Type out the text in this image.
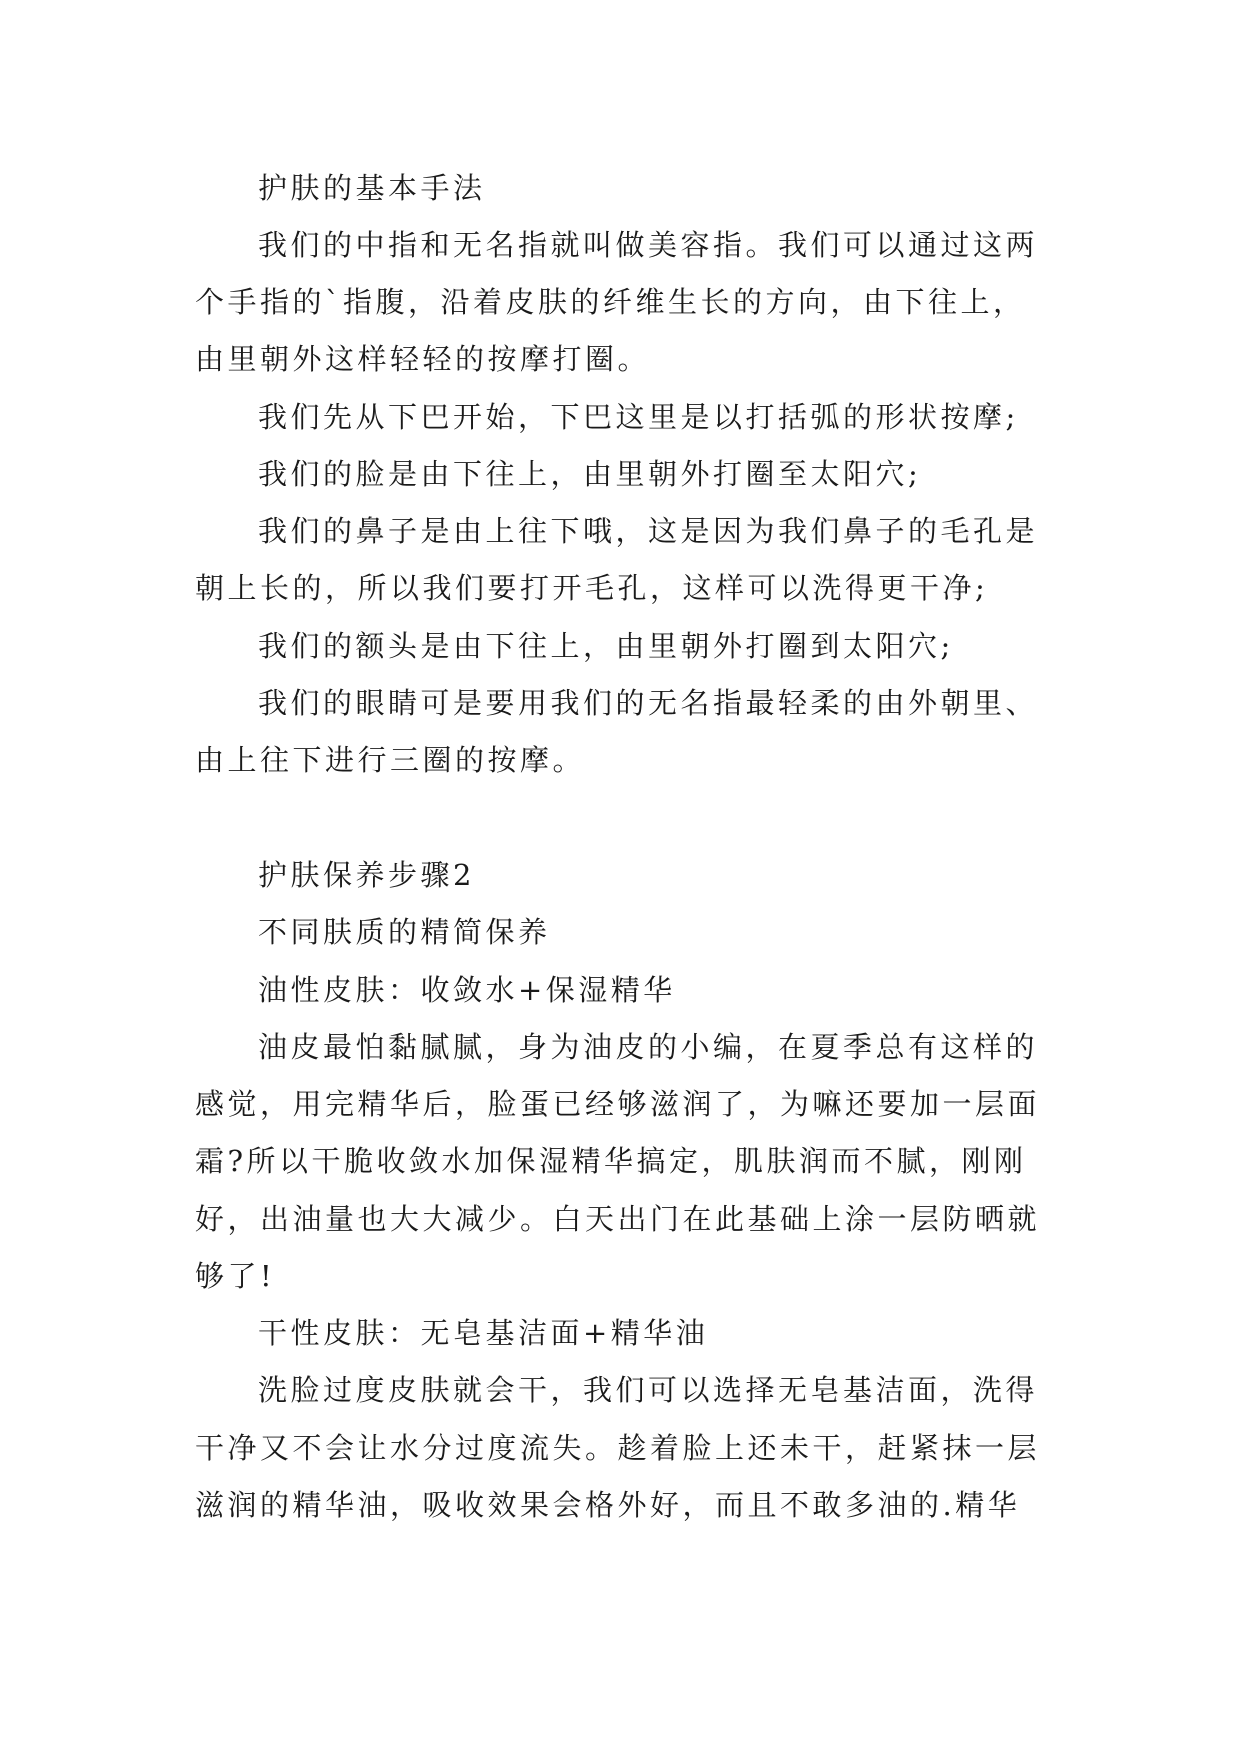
护肤的基本手法
我们的中指和无名指就叫做美容指。我们可以通过这两
个手指的`指腹，沿着皮肤的纤维生长的方向，由下往上，
由里朝外这样轻轻的按摩打圈。
我们先从下巴开始，下巴这里是以打括弧的形状按摩;
我们的脸是由下往上，由里朝外打圈至太阳穴;
我们的鼻子是由上往下哦，这是因为我们鼻子的毛孔是
朝上长的，所以我们要打开毛孔，这样可以洗得更干净;
我们的额头是由下往上，由里朝外打圈到太阳穴;
我们的眼睛可是要用我们的无名指最轻柔的由外朝里、
由上往下进行三圈的按摩。
护肤保养步骤2
不同肤质的精简保养
油性皮肤：收敛水+保湿精华
油皮最怕黏腻腻，身为油皮的小编，在夏季总有这样的
感觉，用完精华后，脸蛋已经够滋润了，为嘛还要加一层面
霜?所以干脆收敛水加保湿精华搞定，肌肤润而不腻，刚刚
好，出油量也大大减少。白天出门在此基础上涂一层防晒就
够了!
干性皮肤：无皂基洁面+精华油
洗脸过度皮肤就会干，我们可以选择无皂基洁面，洗得
干净又不会让水分过度流失。趁着脸上还未干，赶紧抹一层
滋润的精华油，吸收效果会格外好，而且不敢多油的.精华
